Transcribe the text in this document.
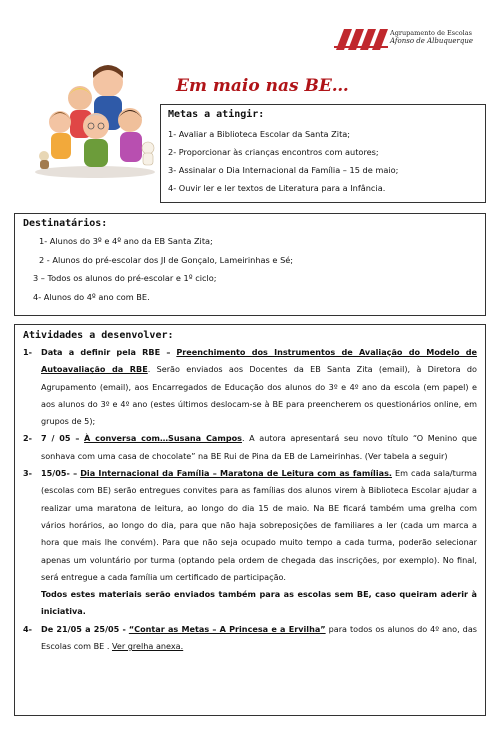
Agrupamento de Escolas
Afonso de Albuquerque
Em maio nas BE…
Metas a atingir:
1- Avaliar a Biblioteca Escolar da Santa Zita;
2- Proporcionar às crianças encontros com autores;
3- Assinalar o Dia Internacional da Família – 15 de maio;
4- Ouvir ler e ler textos de Literatura para a Infância.
Destinatários:
1- Alunos do 3º e 4º ano da EB Santa Zita;
2 - Alunos do pré-escolar dos JI de Gonçalo, Lameirinhas e Sé;
3 – Todos os alunos do pré-escolar e 1º ciclo;
4- Alunos do 4º ano com BE.
Atividades a desenvolver:
1- Data a definir pela RBE – Preenchimento dos Instrumentos de Avaliação do Modelo de Autoavaliação da RBE. Serão enviados aos Docentes da EB Santa Zita (email), à Diretora do Agrupamento (email), aos Encarregados de Educação dos alunos do 3º e 4º ano da escola (em papel) e aos alunos do 3º e 4º ano (estes últimos deslocam-se à BE para preencherem os questionários online, em grupos de 5);
2- 7 / 05 – À conversa com…Susana Campos. A autora apresentará seu novo título “O Menino que sonhava com uma casa de chocolate” na BE Rui de Pina da EB de Lameirinhas. (Ver tabela a seguir)
3- 15/05- – Dia Internacional da Família – Maratona de Leitura com as famílias. Em cada sala/turma (escolas com BE) serão entregues convites para as famílias dos alunos virem à Biblioteca Escolar ajudar a realizar uma maratona de leitura, ao longo do dia 15 de maio. Na BE ficará também uma grelha com vários horários, ao longo do dia, para que não haja sobreposições de familiares a ler (cada um marca a hora que mais lhe convém). Para que não seja ocupado muito tempo a cada turma, poderão selecionar apenas um voluntário por turma (optando pela ordem de chegada das inscrições, por exemplo). No final, será entregue a cada família um certificado de participação.
Todos estes materiais serão enviados também para as escolas sem BE, caso queiram aderir à iniciativa.
4- De 21/05 a 25/05 - “Contar as Metas – A Princesa e a Ervilha” para todos os alunos do 4º ano, das Escolas com BE . Ver grelha anexa.
